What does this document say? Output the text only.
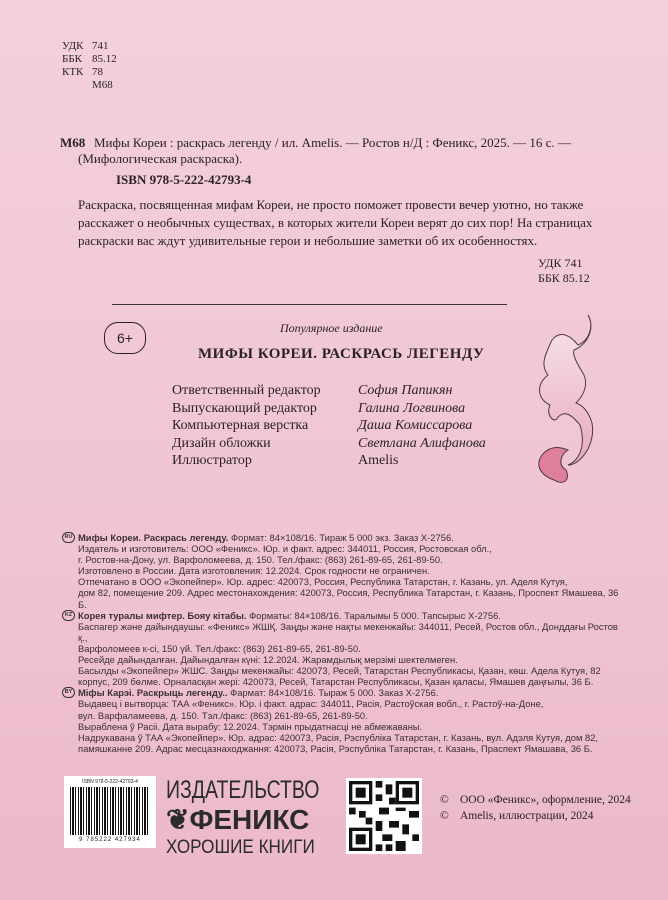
УДК 741
ББК 85.12
КТК 78
М68
М68 Мифы Кореи : раскрась легенду / ил. Amelis. — Ростов н/Д : Феникс, 2025. — 16 с. — (Мифологическая раскраска).
ISBN 978-5-222-42793-4
Раскраска, посвященная мифам Кореи, не просто поможет провести вечер уютно, но также расскажет о необычных существах, в которых жители Кореи верят до сих пор! На страницах раскраски вас ждут удивительные герои и небольшие заметки об их особенностях.
УДК 741
ББК 85.12
6+
Популярное издание
МИФЫ КОРЕИ. РАСКРАСЬ ЛЕГЕНДУ
Ответственный редактор	София Папикян
Выпускающий редактор	Галина Логвинова
Компьютерная верстка	Даша Комиссарова
Дизайн обложки	Светлана Алифанова
Иллюстратор	Amelis
RU Мифы Кореи. Раскрась легенду. Формат: 84×108/16. Тираж 5 000 экз. Заказ Х-2756.
Издатель и изготовитель: ООО «Феникс». Юр. и факт. адрес: 344011, Россия, Ростовская обл.,
г. Ростов-на-Дону, ул. Варфоломеева, д. 150. Тел./факс: (863) 261-89-65, 261-89-50.
Изготовлено в России. Дата изготовления: 12.2024. Срок годности не ограничен.
Отпечатано в ООО «Экопейпер». Юр. адрес: 420073, Россия, Республика Татарстан, г. Казань, ул. Аделя Кутуя,
дом 82, помещение 209. Адрес местонахождения: 420073, Россия, Республика Татарстан, г. Казань, Проспект Ямашева, 36 Б.
KZ Корея туралы мифтер. Бояу кітабы. Форматы: 84×108/16. Таралымы 5 000. Тапсырыс Х-2756.
Баспагер және дайындаушы: «Феникс» ЖШҚ. Заңды және нақты мекенжайы: 344011, Ресей, Ростов обл., Донддағы Ростов қ.,
Варфоломеев к-сі, 150 үй. Тел./факс: (863) 261-89-65, 261-89-50.
Ресейде дайындалған. Дайындалған күні: 12.2024. Жарамдылық мерзімі шектелмеген.
Басылды «Экопейпер» ЖШС. Заңды мекенжайы: 420073, Ресей, Татарстан Республикасы, Қазан, көш. Адела Кутуя, 82
корпус, 209 бөлме. Орналасқан жері: 420073, Ресей, Татарстан Республикасы, Қазан қаласы, Ямашев даңғылы, 36 Б.
BY Міфы Карэі. Раскрыць легенду.. Фармат: 84×108/16. Тыраж 5 000. Заказ Х-2756.
Выдавец і вытворца: ТАА «Феникс». Юр. і факт. адрас: 344011, Расія, Растоўская вобл., г. Растоў-на-Доне,
вул. Варфаламеева, д. 150. Тэл./факс: (863) 261-89-65, 261-89-50.
Выраблена ў Расіі. Дата вырабу: 12.2024. Тэрмін прыдатнасці не абмежаваны.
Надрукавана ў ТАА «Экопейпер». Юр. адрас: 420073, Расія, Рэспубліка Татарстан, г. Казань, вул. Адэля Кутуя, дом 82,
памяшканне 209. Адрас месцазнаходжання: 420073, Расія, Рэспубліка Татарстан, г. Казань, Праспект Ямашава, 36 Б.
ISBN 978-5-222-42793-4
9 785222 427934
ИЗДАТЕЛЬСТВО
❦ФЕНИКС
ХОРОШИЕ КНИГИ
© ООО «Феникс», оформление, 2024
© Amelis, иллюстрации, 2024
